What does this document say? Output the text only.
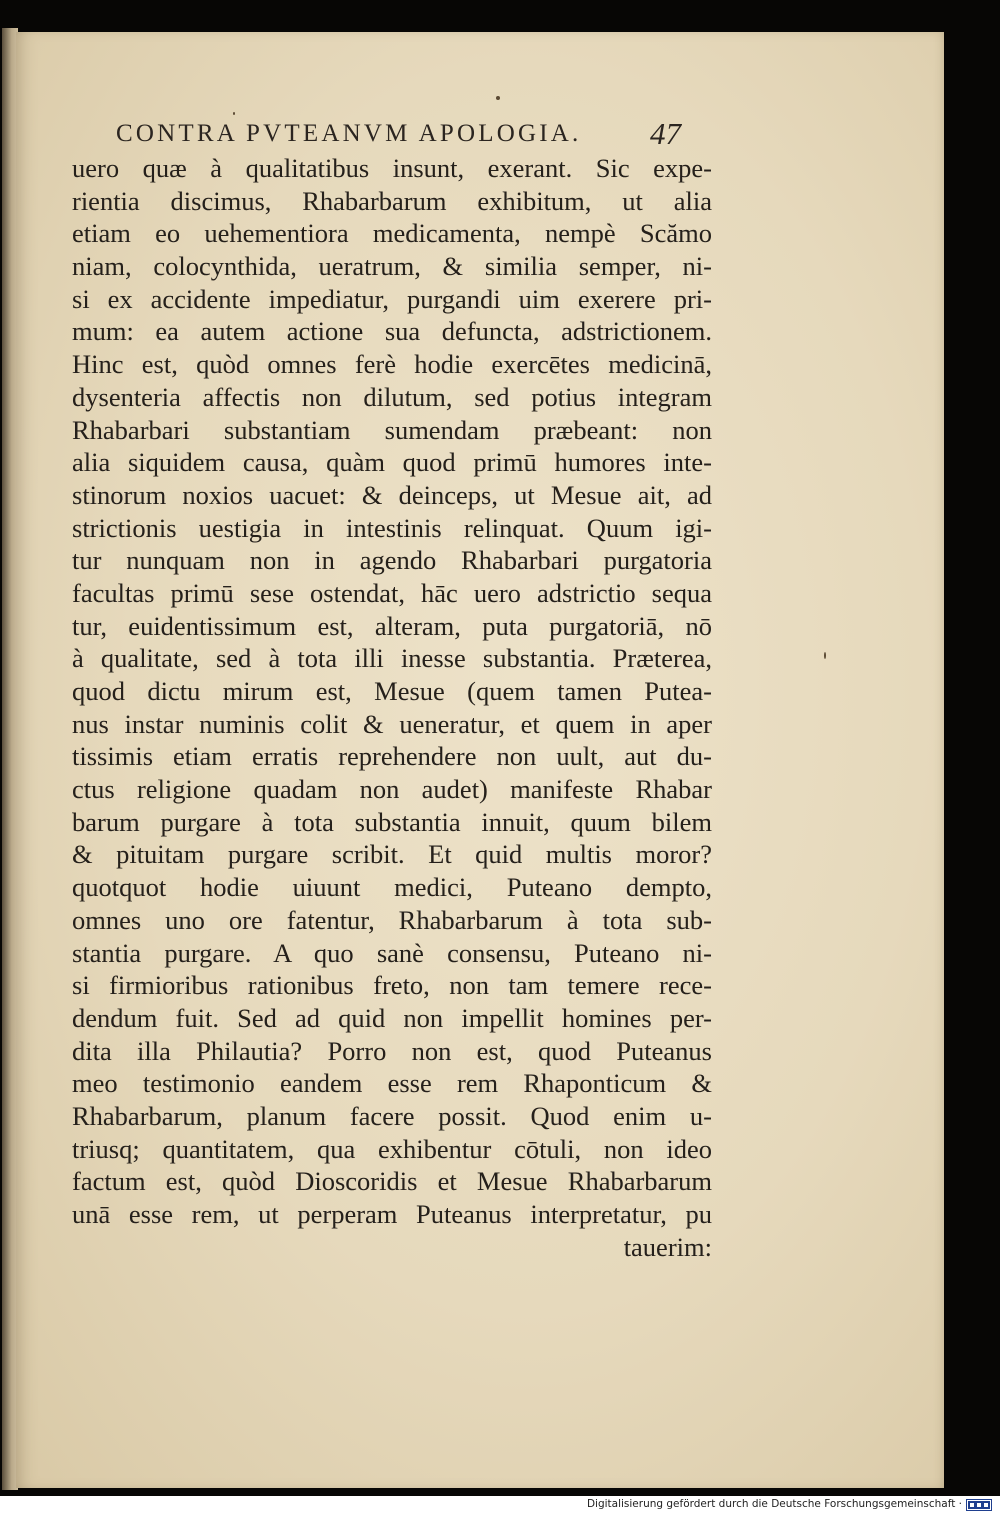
CONTRA PVTEANVM APOLOGIA.	47
uero quæ à qualitatibus insunt, exerant. Sic expe-
rientia discimus, Rhabarbarum exhibitum, ut alia
etiam eo uehementiora medicamenta, nempè Scămo
niam, colocynthida, ueratrum, & similia semper, ni-
si ex accidente impediatur, purgandi uim exerere pri-
mum: ea autem actione sua defuncta, adstrictionem.
Hinc est, quòd omnes ferè hodie exercētes medicinā,
dysenteria affectis non dilutum, sed potius integram
Rhabarbari substantiam sumendam præbeant: non
alia siquidem causa, quàm quod primū humores inte-
stinorum noxios uacuet: & deinceps, ut Mesue ait, ad
strictionis uestigia in intestinis relinquat. Quum igi-
tur nunquam non in agendo Rhabarbari purgatoria
facultas primū sese ostendat, hāc uero adstrictio sequa
tur, euidentissimum est, alteram, puta purgatoriā, nō
à qualitate, sed à tota illi inesse substantia. Præterea,
quod dictu mirum est, Mesue (quem tamen Putea-
nus instar numinis colit & ueneratur, et quem in aper
tissimis etiam erratis reprehendere non uult, aut du-
ctus religione quadam non audet) manifeste Rhabar
barum purgare à tota substantia innuit, quum bilem
& pituitam purgare scribit. Et quid multis moror?
quotquot hodie uiuunt medici, Puteano dempto,
omnes uno ore fatentur, Rhabarbarum à tota sub-
stantia purgare. A quo sanè consensu, Puteano ni-
si firmioribus rationibus freto, non tam temere rece-
dendum fuit. Sed ad quid non impellit homines per-
dita illa Philautia? Porro non est, quod Puteanus
meo testimonio eandem esse rem Rhaponticum &
Rhabarbarum, planum facere possit. Quod enim u-
triusq; quantitatem, qua exhibentur cōtuli, non ideo
factum est, quòd Dioscoridis et Mesue Rhabarbarum
unā esse rem, ut perperam Puteanus interpretatur, pu
tauerim:
Digitalisierung gefördert durch die Deutsche Forschungsgemeinschaft ·
